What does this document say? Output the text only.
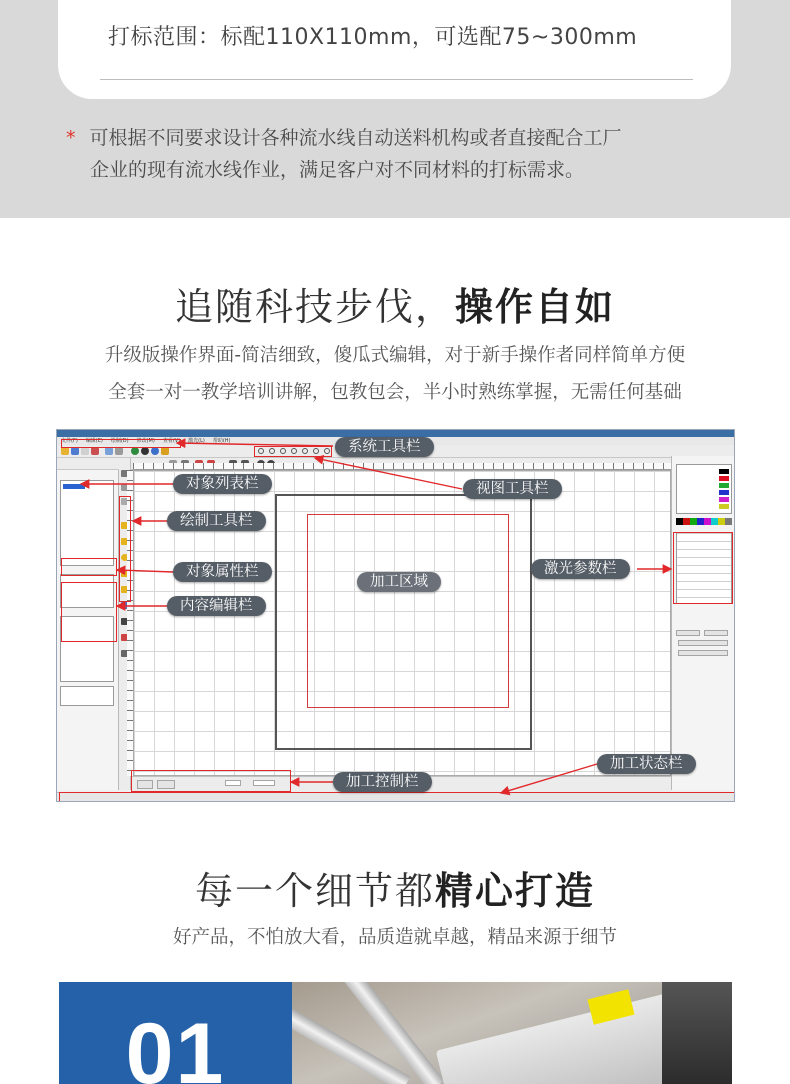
打标范围：标配110X110mm，可选配75~300mm
* 可根据不同要求设计各种流水线自动送料机构或者直接配合工厂
企业的现有流水线作业，满足客户对不同材料的打标需求。
追随科技步伐，操作自如
升级版操作界面-简洁细致，傻瓜式编辑，对于新手操作者同样简单方便
全套一对一教学培训讲解，包教包会，半小时熟练掌握，无需任何基础
文件(F) 编辑(E) 绘制(D) 修改(M) 查看(V) 激光(L) 帮助(H)	系统工具栏
对象列表栏	视图工具栏
绘制工具栏
激光参数栏
对象属性栏
加工区域
内容编辑栏
加工状态栏
加工控制栏
每一个细节都精心打造
好产品，不怕放大看，品质造就卓越，精品来源于细节
01
